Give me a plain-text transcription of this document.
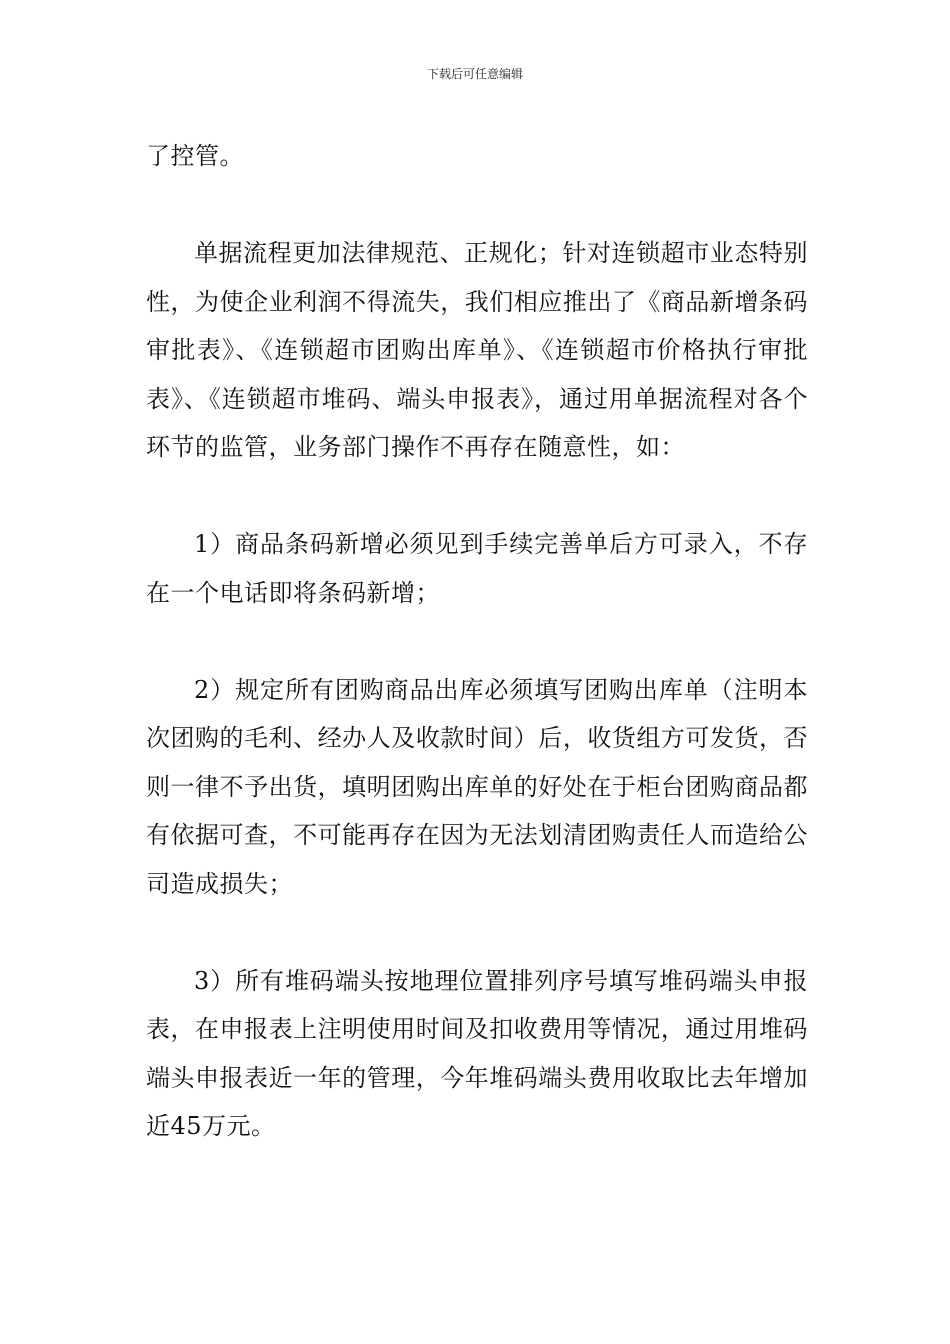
下载后可任意编辑

了控管。

单据流程更加法律规范、正规化；针对连锁超市业态特别性，为使企业利润不得流失，我们相应推出了《商品新增条码审批表》、《连锁超市团购出库单》、《连锁超市价格执行审批表》、《连锁超市堆码、端头申报表》，通过用单据流程对各个环节的监管，业务部门操作不再存在随意性，如：

1）商品条码新增必须见到手续完善单后方可录入，不存在一个电话即将条码新增；

2）规定所有团购商品出库必须填写团购出库单（注明本次团购的毛利、经办人及收款时间）后，收货组方可发货，否则一律不予出货，填明团购出库单的好处在于柜台团购商品都有依据可查，不可能再存在因为无法划清团购责任人而造给公司造成损失；

3）所有堆码端头按地理位置排列序号填写堆码端头申报表，在申报表上注明使用时间及扣收费用等情况，通过用堆码端头申报表近一年的管理，今年堆码端头费用收取比去年增加近45万元。
